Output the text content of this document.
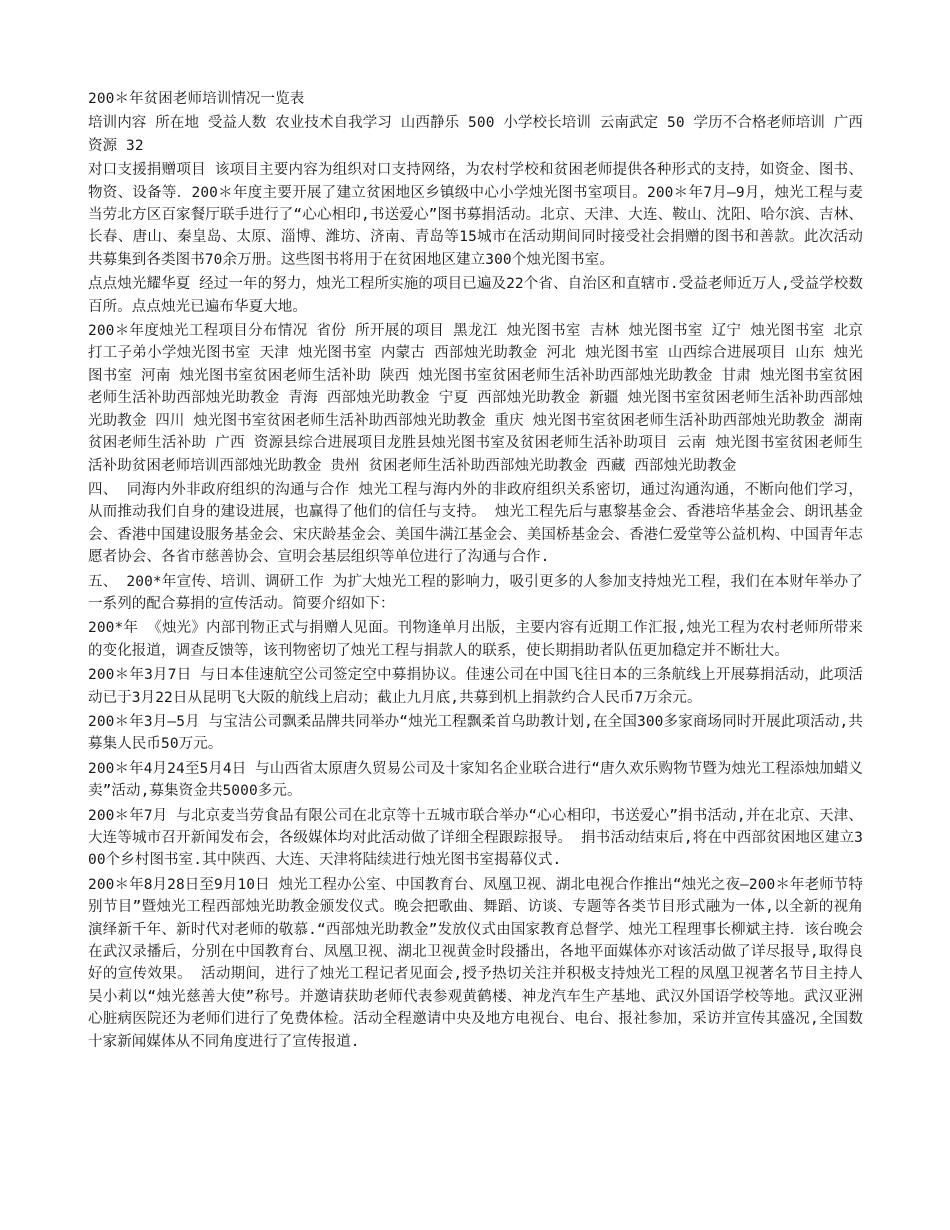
200＊年贫困老师培训情况一览表

培训内容 所在地 受益人数 农业技术自我学习 山西静乐 500 小学校长培训 云南武定 50 学历不合格老师培训 广西资源 32

对口支援捐赠项目 该项目主要内容为组织对口支持网络，为农村学校和贫困老师提供各种形式的支持，如资金、图书、物资、设备等．200＊年度主要开展了建立贫困地区乡镇级中心小学烛光图书室项目。200＊年7月—9月，烛光工程与麦当劳北方区百家餐厅联手进行了“心心相印,书送爱心”图书募捐活动。北京、天津、大连、鞍山、沈阳、哈尔滨、吉林、长春、唐山、秦皇岛、太原、淄博、潍坊、济南、青岛等15城市在活动期间同时接受社会捐赠的图书和善款。此次活动共募集到各类图书70余万册。这些图书将用于在贫困地区建立300个烛光图书室。

点点烛光耀华夏 经过一年的努力，烛光工程所实施的项目已遍及22个省、自治区和直辖市.受益老师近万人,受益学校数百所。点点烛光已遍布华夏大地。

200＊年度烛光工程项目分布情况 省份 所开展的项目 黑龙江 烛光图书室 吉林 烛光图书室 辽宁 烛光图书室 北京 打工子弟小学烛光图书室 天津 烛光图书室 内蒙古 西部烛光助教金 河北 烛光图书室 山西综合进展项目 山东 烛光图书室 河南 烛光图书室贫困老师生活补助 陕西 烛光图书室贫困老师生活补助西部烛光助教金 甘肃 烛光图书室贫困老师生活补助西部烛光助教金 青海 西部烛光助教金 宁夏 西部烛光助教金 新疆 烛光图书室贫困老师生活补助西部烛光助教金 四川 烛光图书室贫困老师生活补助西部烛光助教金 重庆 烛光图书室贫困老师生活补助西部烛光助教金 湖南 贫困老师生活补助 广西 资源县综合进展项目龙胜县烛光图书室及贫困老师生活补助项目 云南 烛光图书室贫困老师生活补助贫困老师培训西部烛光助教金 贵州 贫困老师生活补助西部烛光助教金 西藏 西部烛光助教金

四、 同海内外非政府组织的沟通与合作 烛光工程与海内外的非政府组织关系密切，通过沟通沟通，不断向他们学习，从而推动我们自身的建设进展，也赢得了他们的信任与支持。 烛光工程先后与惠黎基金会、香港培华基金会、朗讯基金会、香港中国建设服务基金会、宋庆龄基金会、美国牛满江基金会、美国桥基金会、香港仁爱堂等公益机构、中国青年志愿者协会、各省市慈善协会、宣明会基层组织等单位进行了沟通与合作.

五、 200*年宣传、培训、调研工作 为扩大烛光工程的影响力，吸引更多的人参加支持烛光工程，我们在本财年举办了一系列的配合募捐的宣传活动。简要介绍如下：

200*年 《烛光》内部刊物正式与捐赠人见面。刊物逢单月出版，主要内容有近期工作汇报,烛光工程为农村老师所带来的变化报道，调查反馈等，该刊物密切了烛光工程与捐款人的联系，使长期捐助者队伍更加稳定并不断壮大。

200＊年3月7日 与日本佳速航空公司签定空中募捐协议。佳速公司在中国飞往日本的三条航线上开展募捐活动，此项活动已于3月22日从昆明飞大阪的航线上启动；截止九月底,共募到机上捐款约合人民币7万余元。

200＊年3月—5月 与宝洁公司飘柔品牌共同举办“烛光工程飘柔首乌助教计划,在全国300多家商场同时开展此项活动,共募集人民币50万元。

200＊年4月24至5月4日 与山西省太原唐久贸易公司及十家知名企业联合进行“唐久欢乐购物节暨为烛光工程添烛加蜡义卖”活动,募集资金共5000多元。

200＊年7月 与北京麦当劳食品有限公司在北京等十五城市联合举办“心心相印，书送爱心”捐书活动,并在北京、天津、大连等城市召开新闻发布会，各级媒体均对此活动做了详细全程跟踪报导。 捐书活动结束后,将在中西部贫困地区建立300个乡村图书室.其中陕西、大连、天津将陆续进行烛光图书室揭幕仪式.

200＊年8月28日至9月10日 烛光工程办公室、中国教育台、凤凰卫视、湖北电视合作推出“烛光之夜—200＊年老师节特别节目”暨烛光工程西部烛光助教金颁发仪式。晚会把歌曲、舞蹈、访谈、专题等各类节目形式融为一体,以全新的视角演绎新千年、新时代对老师的敬慕.“西部烛光助教金”发放仪式由国家教育总督学、烛光工程理事长柳斌主持．该台晚会在武汉录播后，分别在中国教育台、凤凰卫视、湖北卫视黄金时段播出，各地平面媒体亦对该活动做了详尽报导,取得良好的宣传效果。 活动期间，进行了烛光工程记者见面会,授予热切关注并积极支持烛光工程的凤凰卫视著名节目主持人吴小莉以“烛光慈善大使”称号。并邀请获助老师代表参观黄鹤楼、神龙汽车生产基地、武汉外国语学校等地。武汉亚洲心脏病医院还为老师们进行了免费体检。活动全程邀请中央及地方电视台、电台、报社参加，采访并宣传其盛况,全国数十家新闻媒体从不同角度进行了宣传报道.
